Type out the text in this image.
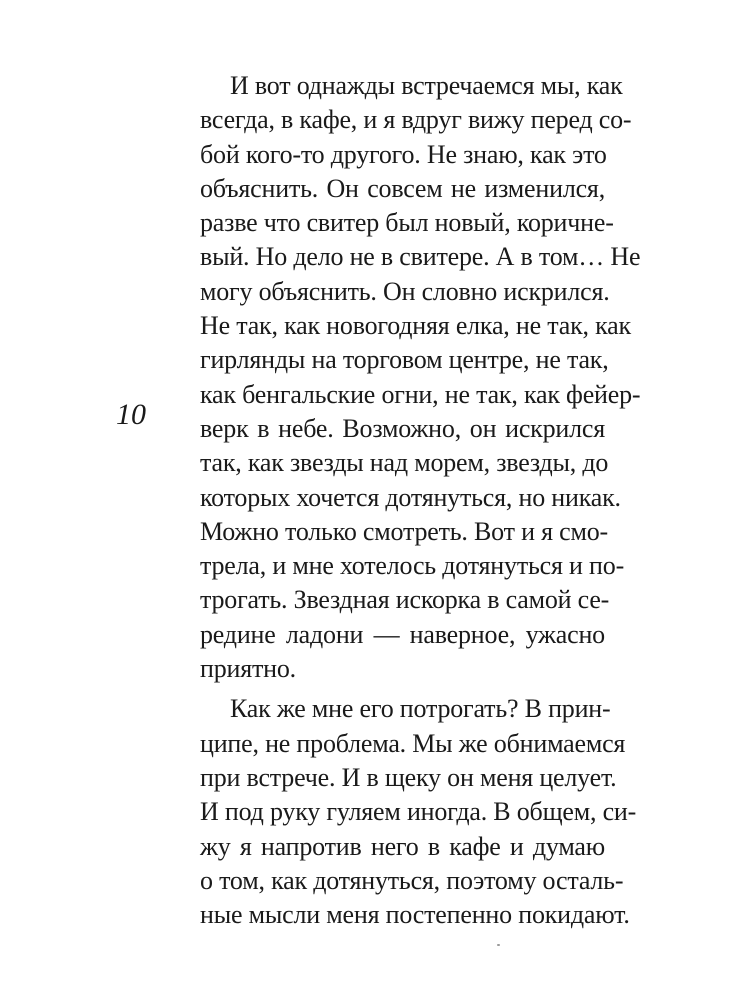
10
И вот однажды встречаемся мы, как
всегда, в кафе, и я вдруг вижу перед со-
бой кого-то другого. Не знаю, как это
объяснить. Он совсем не изменился,
разве что свитер был новый, коричне-
вый. Но дело не в свитере. А в том… Не
могу объяснить. Он словно искрился.
Не так, как новогодняя елка, не так, как
гирлянды на торговом центре, не так,
как бенгальские огни, не так, как фейер-
верк в небе. Возможно, он искрился
так, как звезды над морем, звезды, до
которых хочется дотянуться, но никак.
Можно только смотреть. Вот и я смо-
трела, и мне хотелось дотянуться и по-
трогать. Звездная искорка в самой се-
редине ладони — наверное, ужасно
приятно.
Как же мне его потрогать? В прин-
ципе, не проблема. Мы же обнимаемся
при встрече. И в щеку он меня целует.
И под руку гуляем иногда. В общем, си-
жу я напротив него в кафе и думаю
о том, как дотянуться, поэтому осталь-
ные мысли меня постепенно покидают.
